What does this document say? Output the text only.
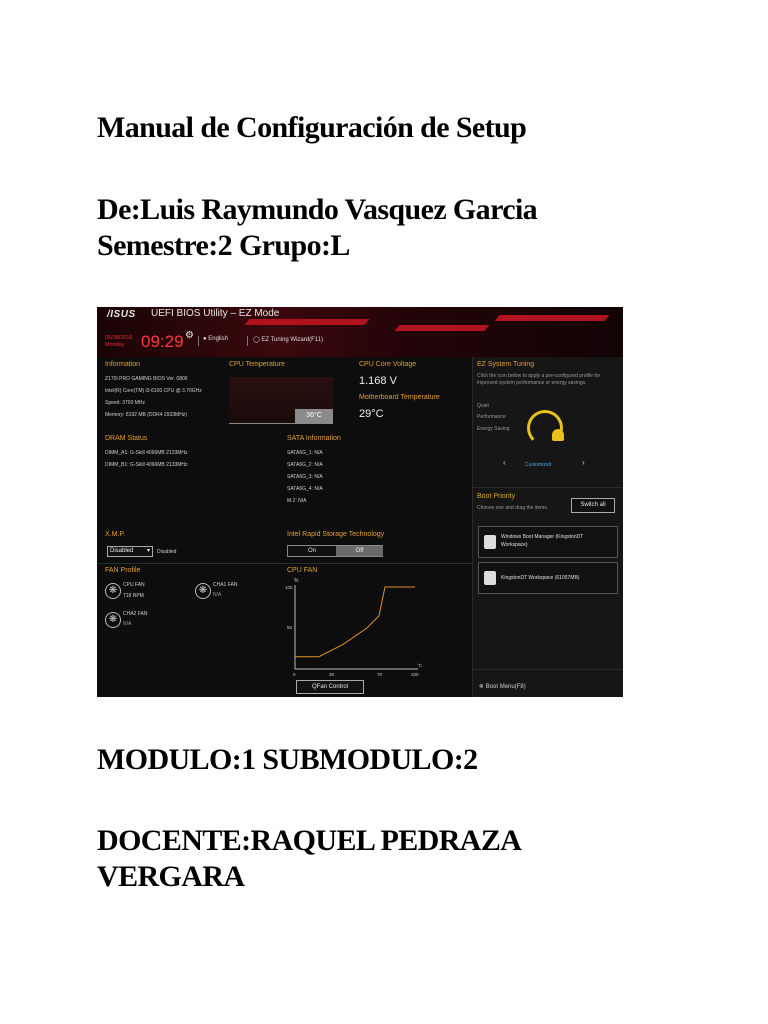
Manual de Configuración de Setup
De:Luis Raymundo Vasquez Garcia
Semestre:2 Grupo:L
/ISUS UEFI BIOS Utility – EZ Mode
05/08/2016
Monday 09:29 ⚙ ● English	◯ EZ Tuning Wizard(F11)
Information
Z170I PRO GAMING BIOS Ver. 0806
Intel(R) Core(TM) i3-6100 CPU @ 3.70GHz
Speed: 3700 MHz
Memory: 8192 MB (DDR4 2933MHz)
CPU Temperature
36°C
CPU Core Voltage
1.168 V
Motherboard Temperature
29°C
DRAM Status
DIMM_A1: G-Skill 4096MB 2133MHz
DIMM_B1: G-Skill 4096MB 2133MHz
SATA Information
SATA6G_1: N/A
SATA6G_2: N/A
SATA6G_3: N/A
SATA6G_4: N/A
M.2: N/A
X.M.P.
Disabled ▾ Disabled
Intel Rapid Storage Technology
On	Off
FAN Profile
❋	CPU FAN
718 RPM	❋	CHA1 FAN
N/A
❋	CHA2 FAN
N/A
CPU FAN
%
100
50
0	30	70	100
°C
QFan Control
EZ System Tuning
Click the icon below to apply a pre-configured profile for improved system performance or energy savings.
Quiet
Performance
Energy Saving
‹	Customized	›
Boot Priority
Choose one and drag the items.	Switch all
Windows Boot Manager (KingstonDT Workspace)
KingstonDT Workspace (61057MB)
❄ Boot Menu(F8)
MODULO:1 SUBMODULO:2
DOCENTE:RAQUEL PEDRAZA
VERGARA
